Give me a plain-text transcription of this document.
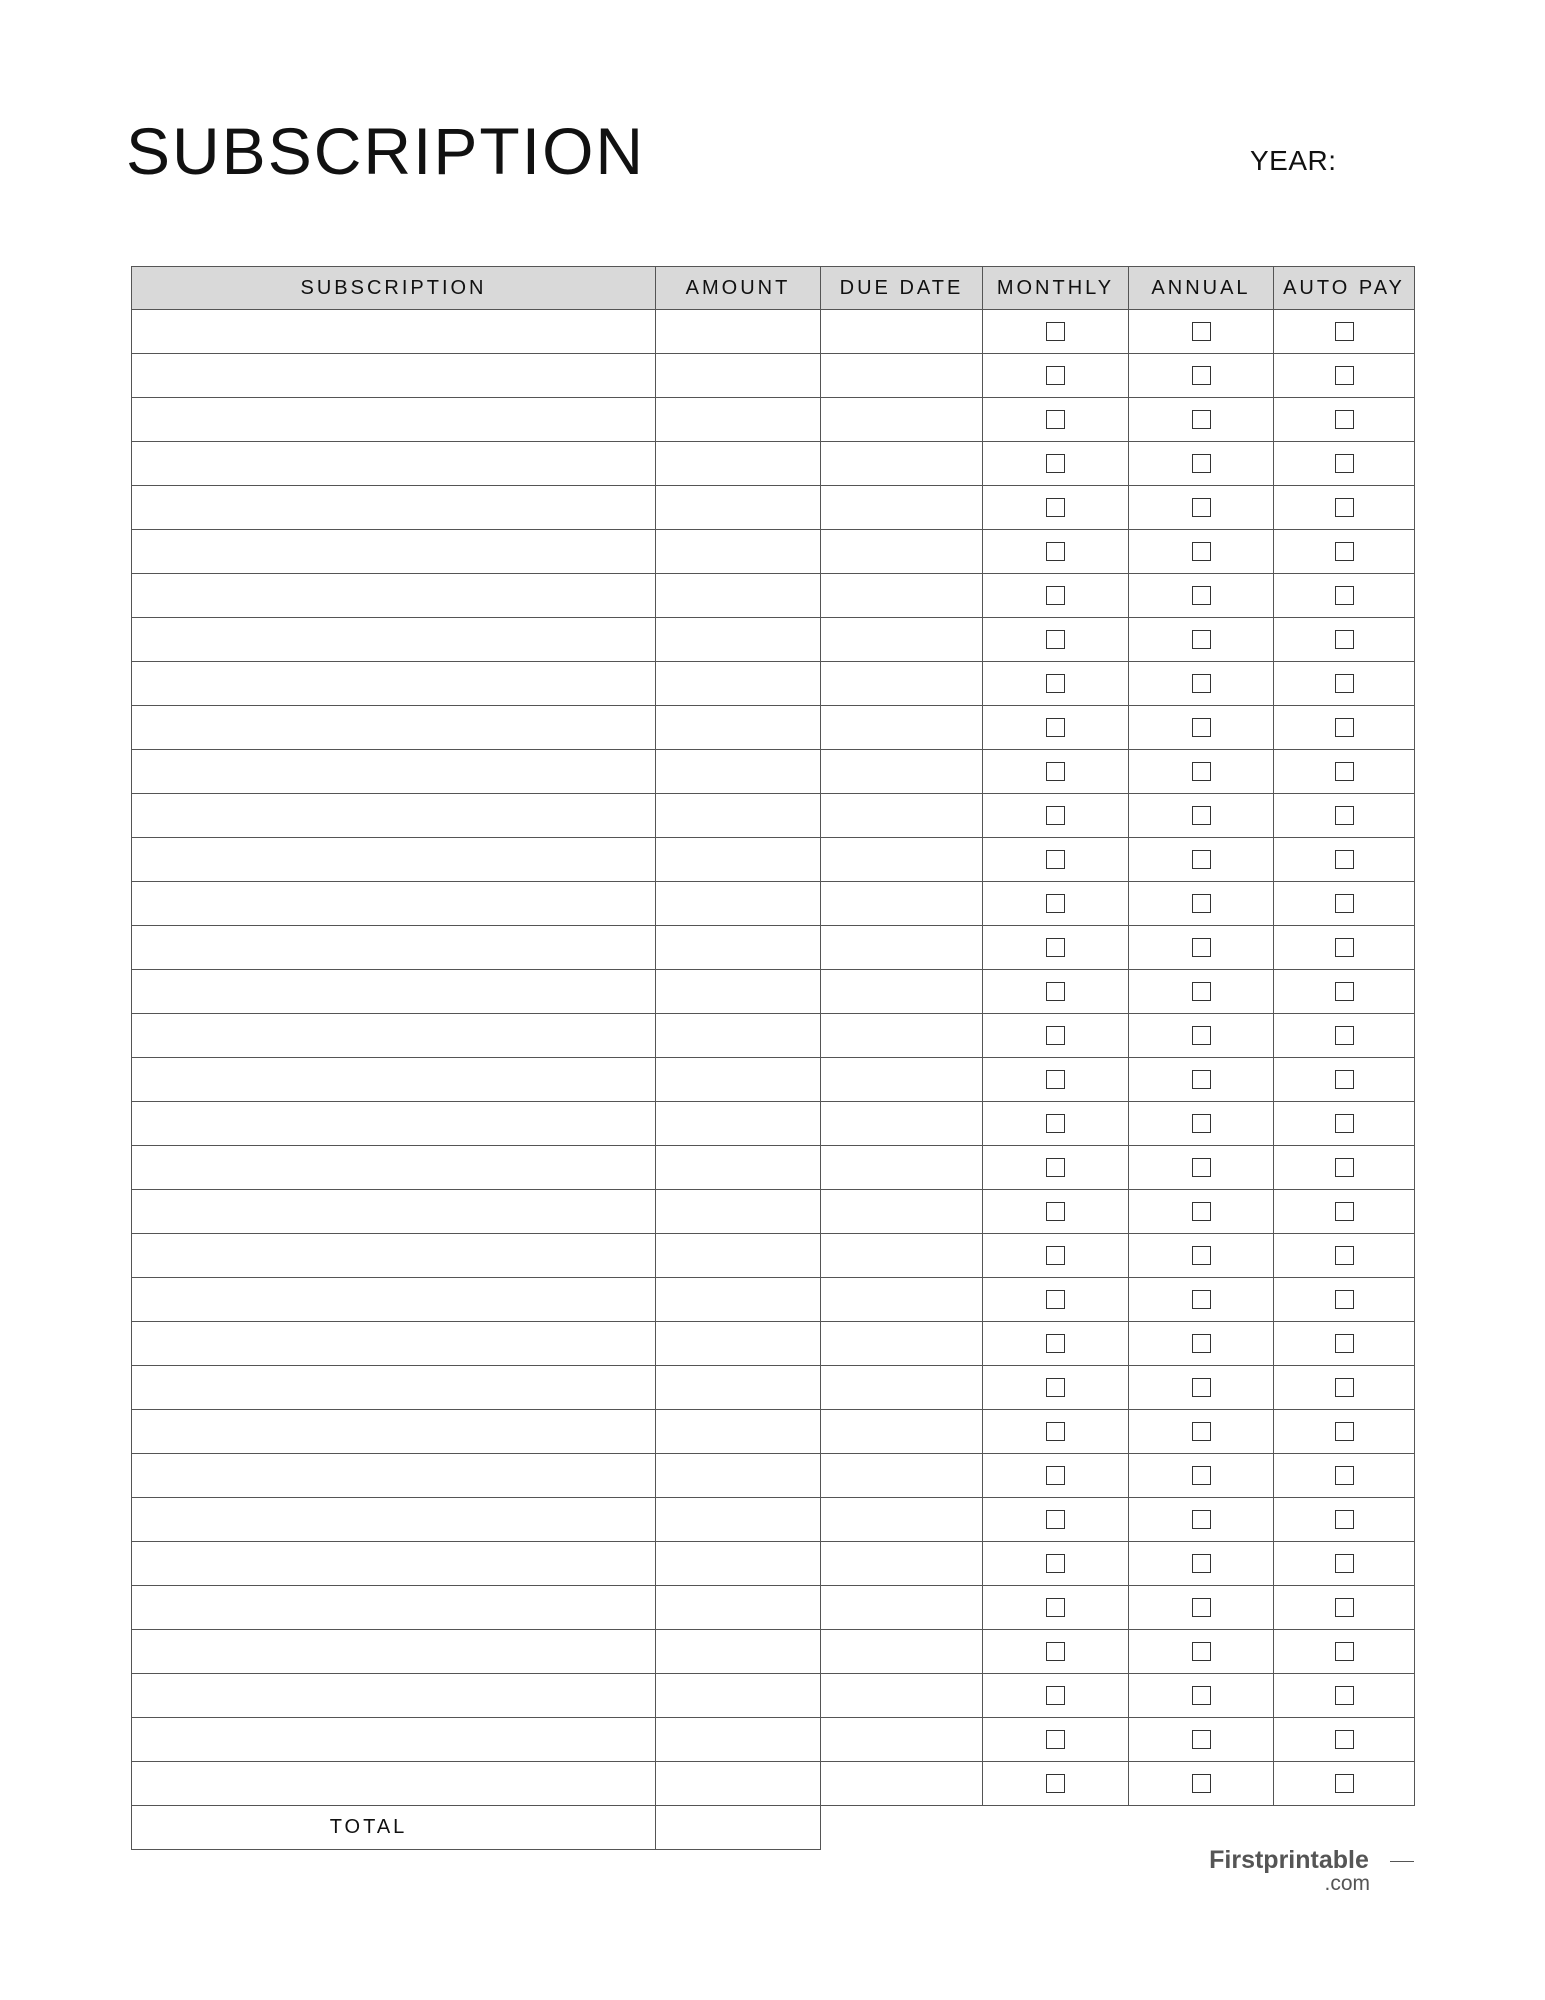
SUBSCRIPTION	YEAR:
SUBSCRIPTION	AMOUNT	DUE DATE	MONTHLY	ANNUAL	AUTO PAY

TOTAL					
Firstprintable
.com
